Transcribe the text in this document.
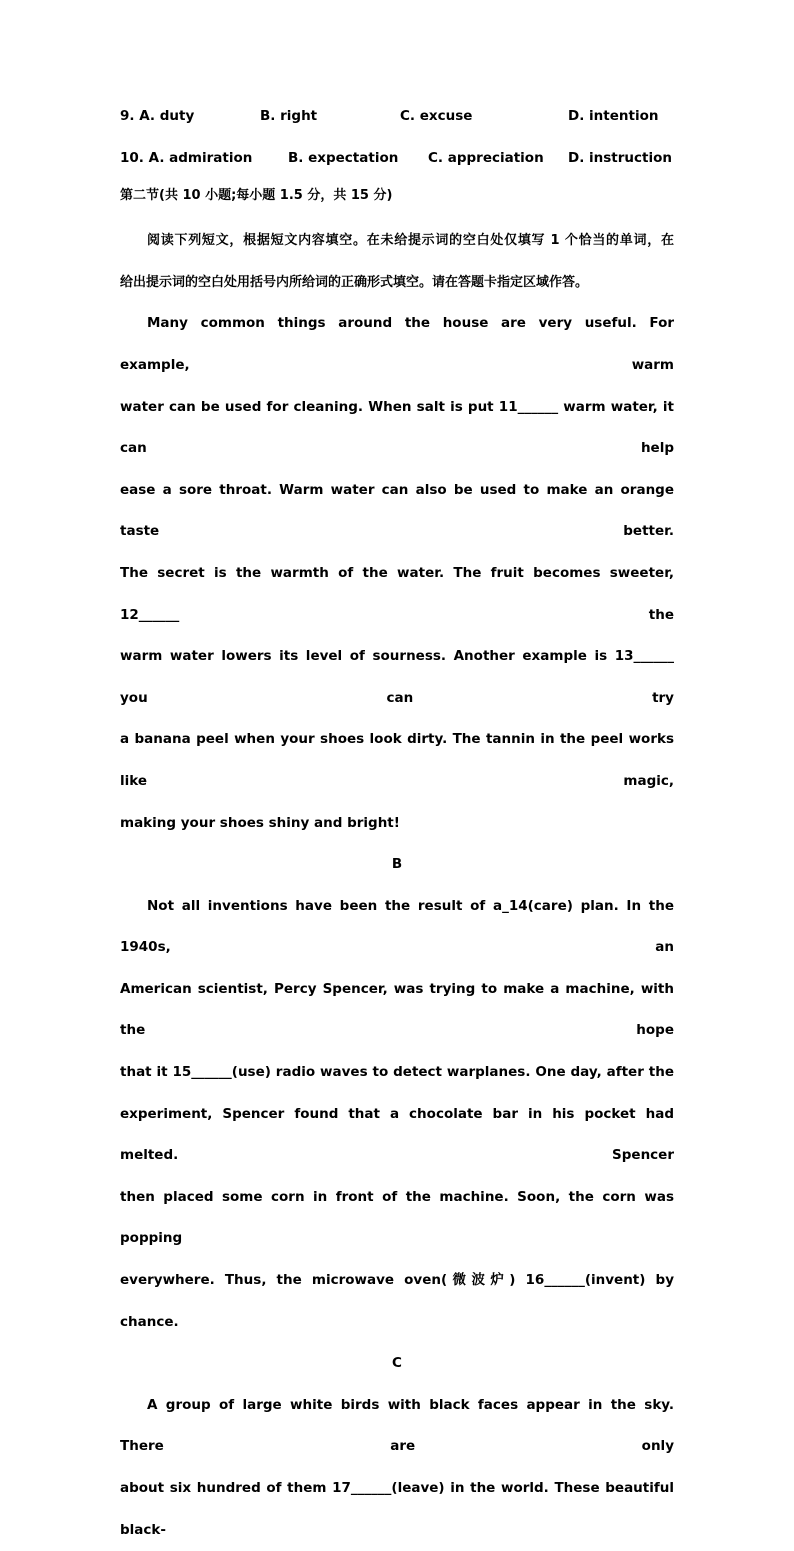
9. A. duty	B. right	C. excuse	D. intention
10. A. admiration	B. expectation C. appreciation D. instruction
第二节(共 10 小题;每小题 1.5 分，共 15 分)
阅读下列短文，根据短文内容填空。在未给提示词的空白处仅填写 1 个恰当的单词，在
给出提示词的空白处用括号内所给词的正确形式填空。请在答题卡指定区域作答。
Many common things around the house are very useful. For example, warm
water can be used for cleaning. When salt is put 11______ warm water, it can help
ease a sore throat. Warm water can also be used to make an orange taste better.
The secret is the warmth of the water. The fruit becomes sweeter, 12______ the
warm water lowers its level of sourness. Another example is 13______ you can try
a banana peel when your shoes look dirty. The tannin in the peel works like magic,
making your shoes shiny and bright!
B
Not all inventions have been the result of a_14(care) plan. In the 1940s, an
American scientist, Percy Spencer, was trying to make a machine, with the hope
that it 15______(use) radio waves to detect warplanes. One day, after the
experiment, Spencer found that a chocolate bar in his pocket had melted. Spencer
then placed some corn in front of the machine. Soon, the corn was popping
everywhere. Thus, the microwave oven(微波炉) 16______(invent) by chance.
C
A group of large white birds with black faces appear in the sky. There are only
about six hundred of them 17______(leave) in the world. These beautiful black-
